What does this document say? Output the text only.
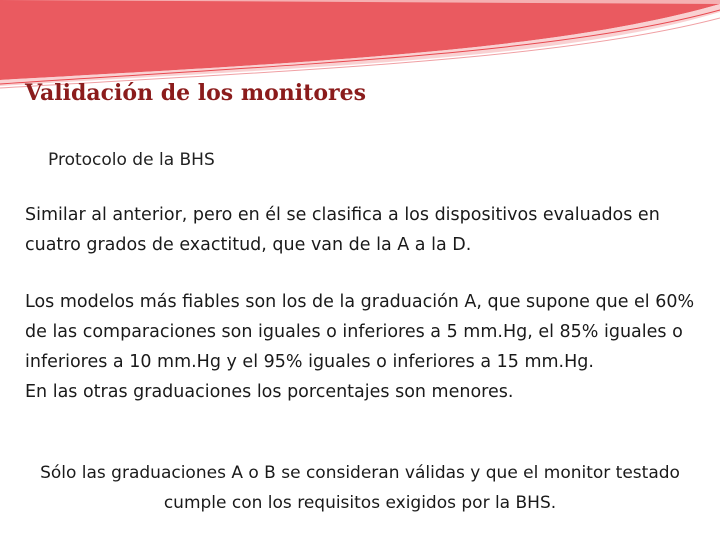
Validación de los monitores
Protocolo de la BHS

Similar al anterior, pero en él se clasifica a los dispositivos evaluados en cuatro grados de exactitud, que van de la A a la D.

Los modelos más fiables son los de la graduación A, que supone que el 60% de las comparaciones son iguales o inferiores a 5 mm.Hg, el 85% iguales o inferiores a 10 mm.Hg y el 95% iguales o inferiores a 15 mm.Hg.
En las otras graduaciones los porcentajes son menores.

Sólo las graduaciones A o B se consideran válidas y que el monitor testado cumple con los requisitos exigidos por la BHS.
